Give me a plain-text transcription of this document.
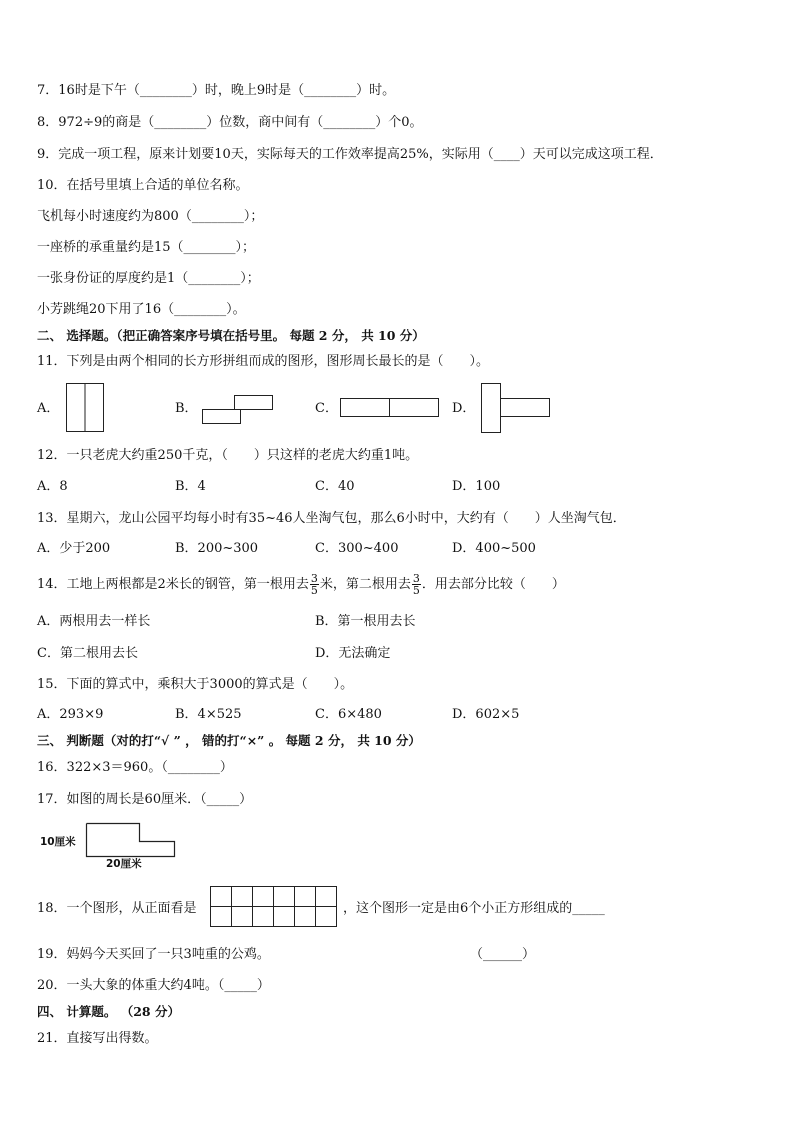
7．16时是下午（________）时，晚上9时是（________）时。
8．972÷9的商是（________）位数，商中间有（________）个0。
9．完成一项工程，原来计划要10天，实际每天的工作效率提高25%，实际用（____）天可以完成这项工程．
10．在括号里填上合适的单位名称。
飞机每小时速度约为800（________）；
一座桥的承重量约是15（________）；
一张身份证的厚度约是1（________）；
小芳跳绳20下用了16（________）。
二、 选择题。（把正确答案序号填在括号里。 每题 2 分， 共 10 分）
11．下列是由两个相同的长方形拼组而成的图形，图形周长最长的是（　　）。
A．	B．	C．	D．
12．一只老虎大约重250千克，（　　）只这样的老虎大约重1吨。
A．8	B．4	C．40	D．100
13．星期六，龙山公园平均每小时有35~46人坐淘气包，那么6小时中，大约有（　　）人坐淘气包．
A．少于200	B．200~300	C．300~400	D．400~500
14．工地上两根都是2米长的钢管，第一根用去 $\frac{3}{5}$ 米，第二根用去 $\frac{3}{5}$ ．用去部分比较（　　）
A．两根用去一样长	B．第一根用去长
C．第二根用去长	D．无法确定
15．下面的算式中，乘积大于3000的算式是（　　）。
A．293×9	B．4×525	C．6×480	D．602×5
三、 判断题（对的打“√ ” ， 错的打“×” 。 每题 2 分， 共 10 分）
16．322×3＝960。（________）
17．如图的周长是60厘米．（_____）
10厘米
20厘米
18．一个图形，从正面看是	，这个图形一定是由6个小正方形组成的_____
19．妈妈今天买回了一只3吨重的公鸡。	（______）
20．一头大象的体重大约4吨。（_____）
四、 计算题。 （28 分）
21．直接写出得数。
